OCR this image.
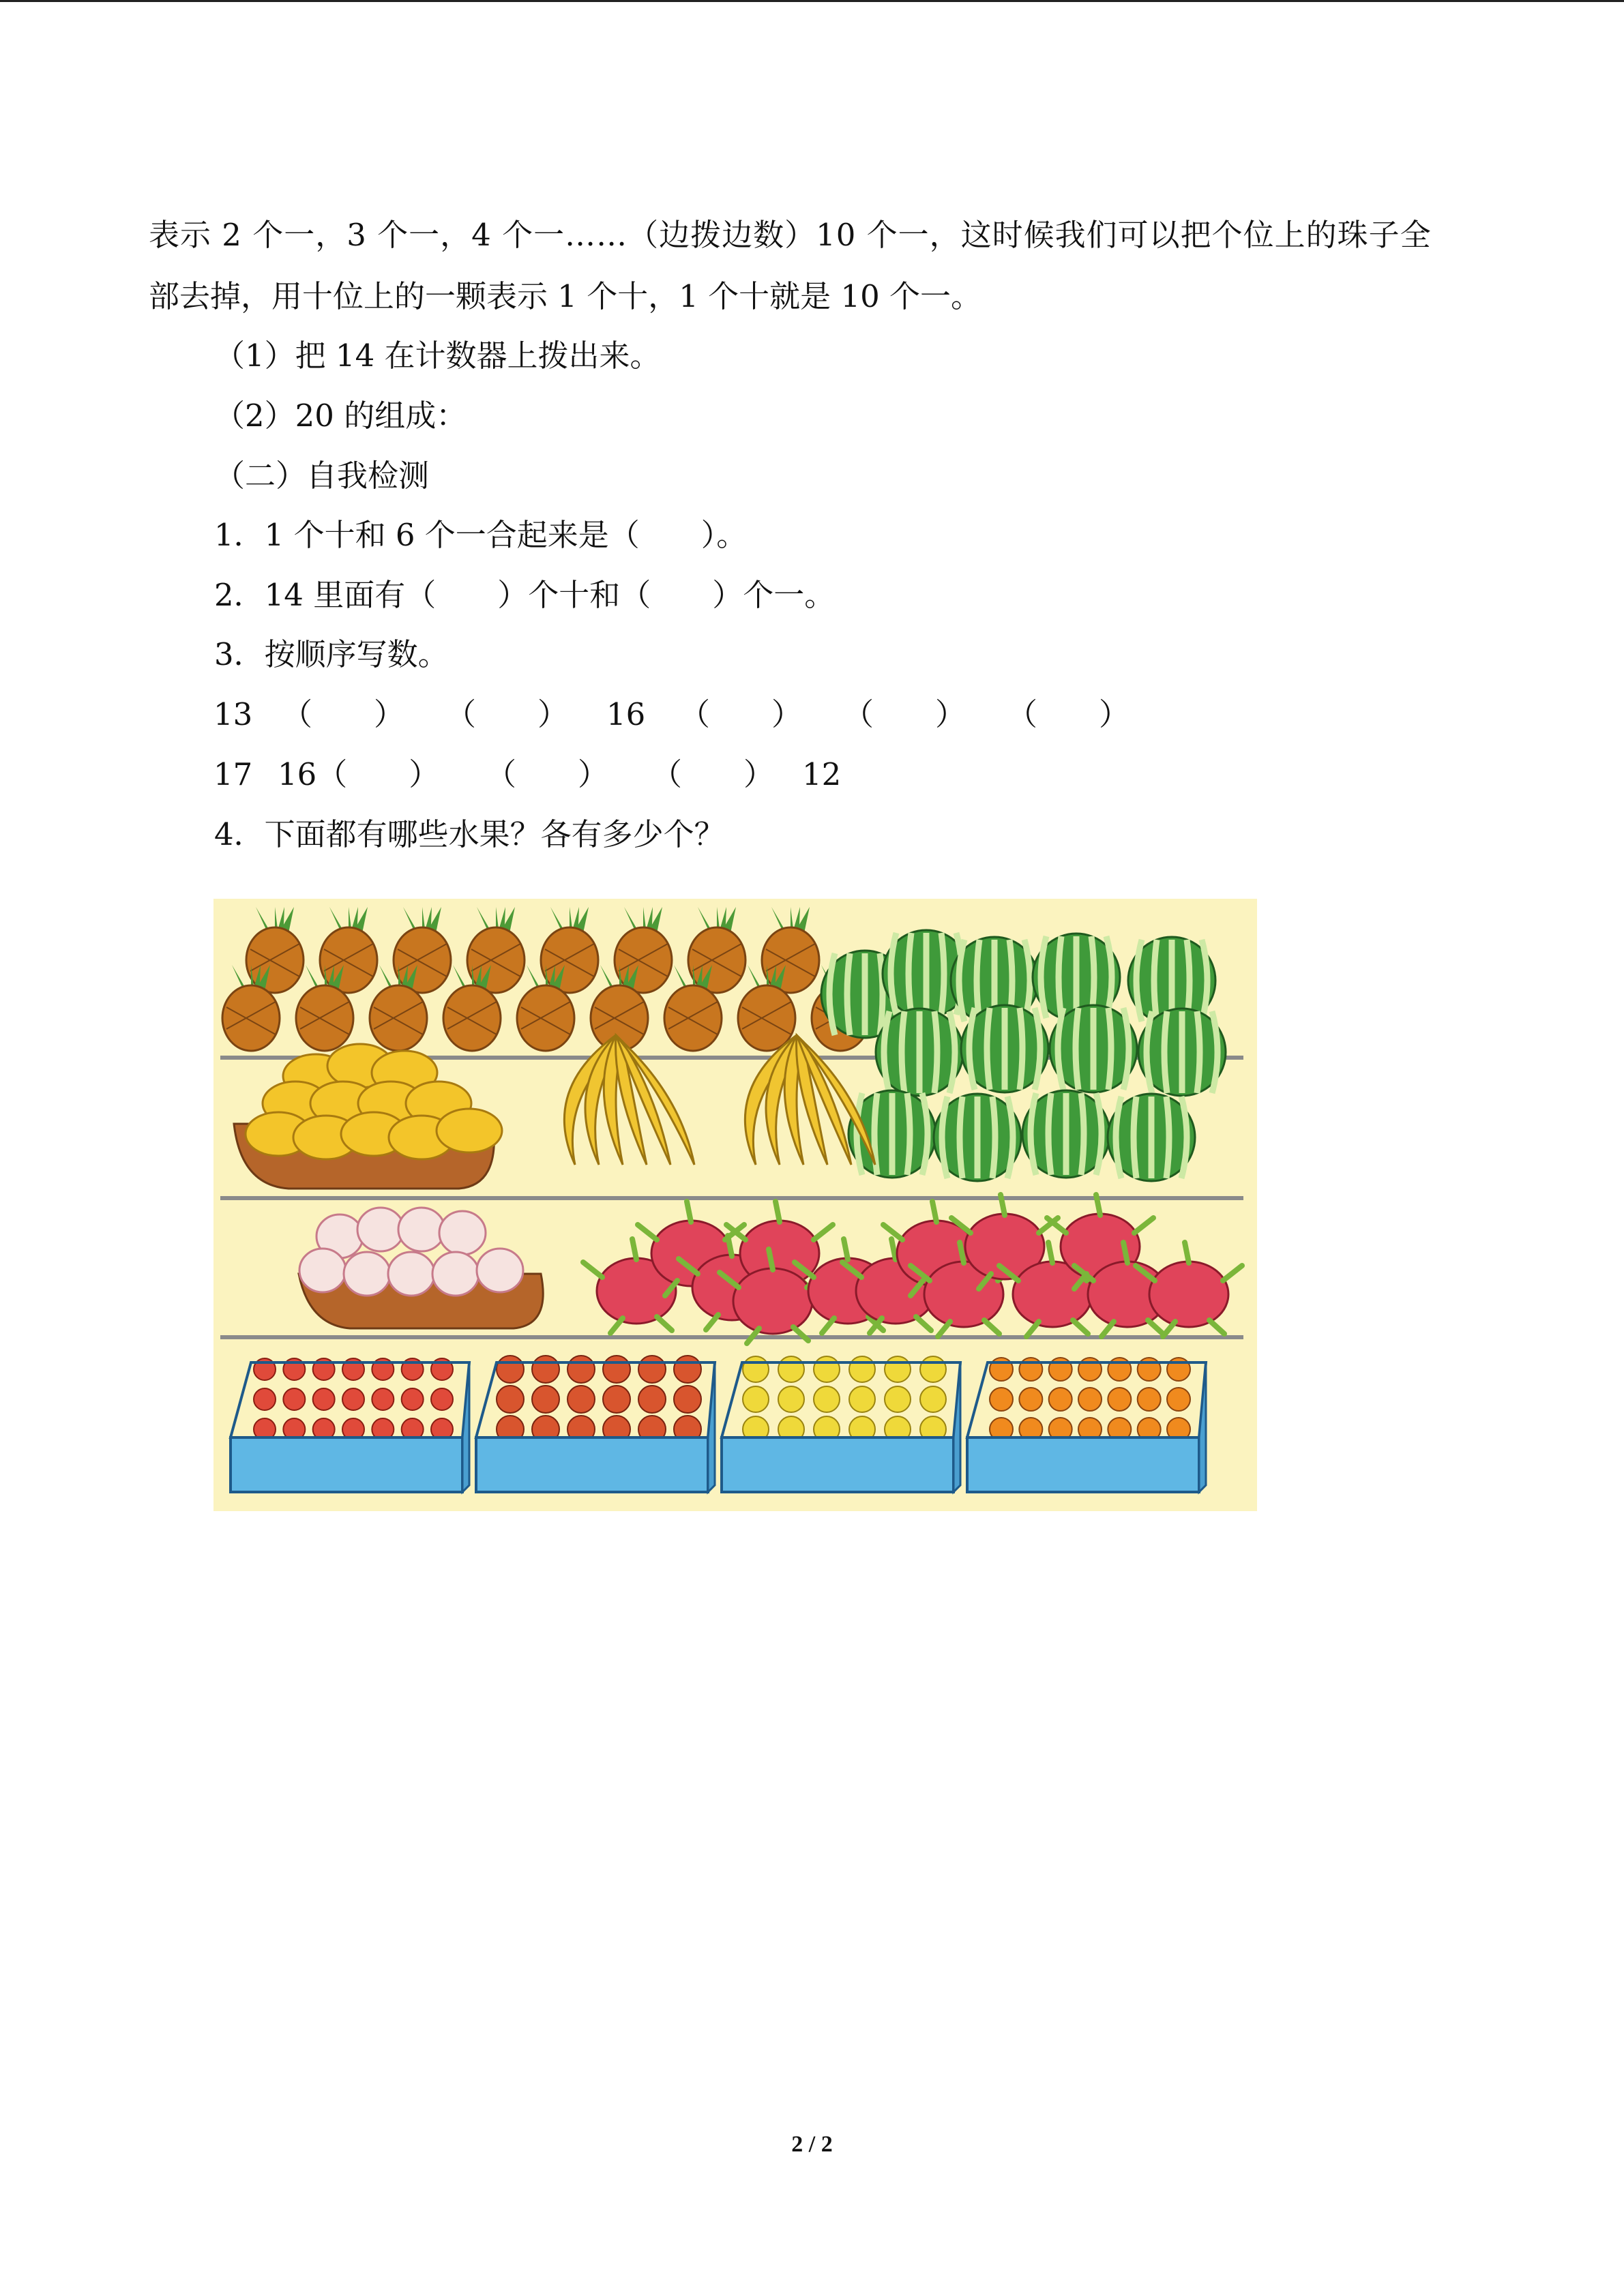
表示 2 个一，3 个一，4 个一……（边拨边数）10 个一，这时候我们可以把个位上的珠子全
部去掉，用十位上的一颗表示 1 个十，1 个十就是 10 个一。
（1）把 14 在计数器上拨出来。
（2）20 的组成：
（二）自我检测
1．1 个十和 6 个一合起来是（　　）。
2．14 里面有（　　）个十和（　　）个一。
3．按顺序写数。
13 （　　） （　　） 16 （　　） （　　） （　　）
17 16（　　） （　　） （　　） 12
4．下面都有哪些水果？各有多少个？
2 / 2
